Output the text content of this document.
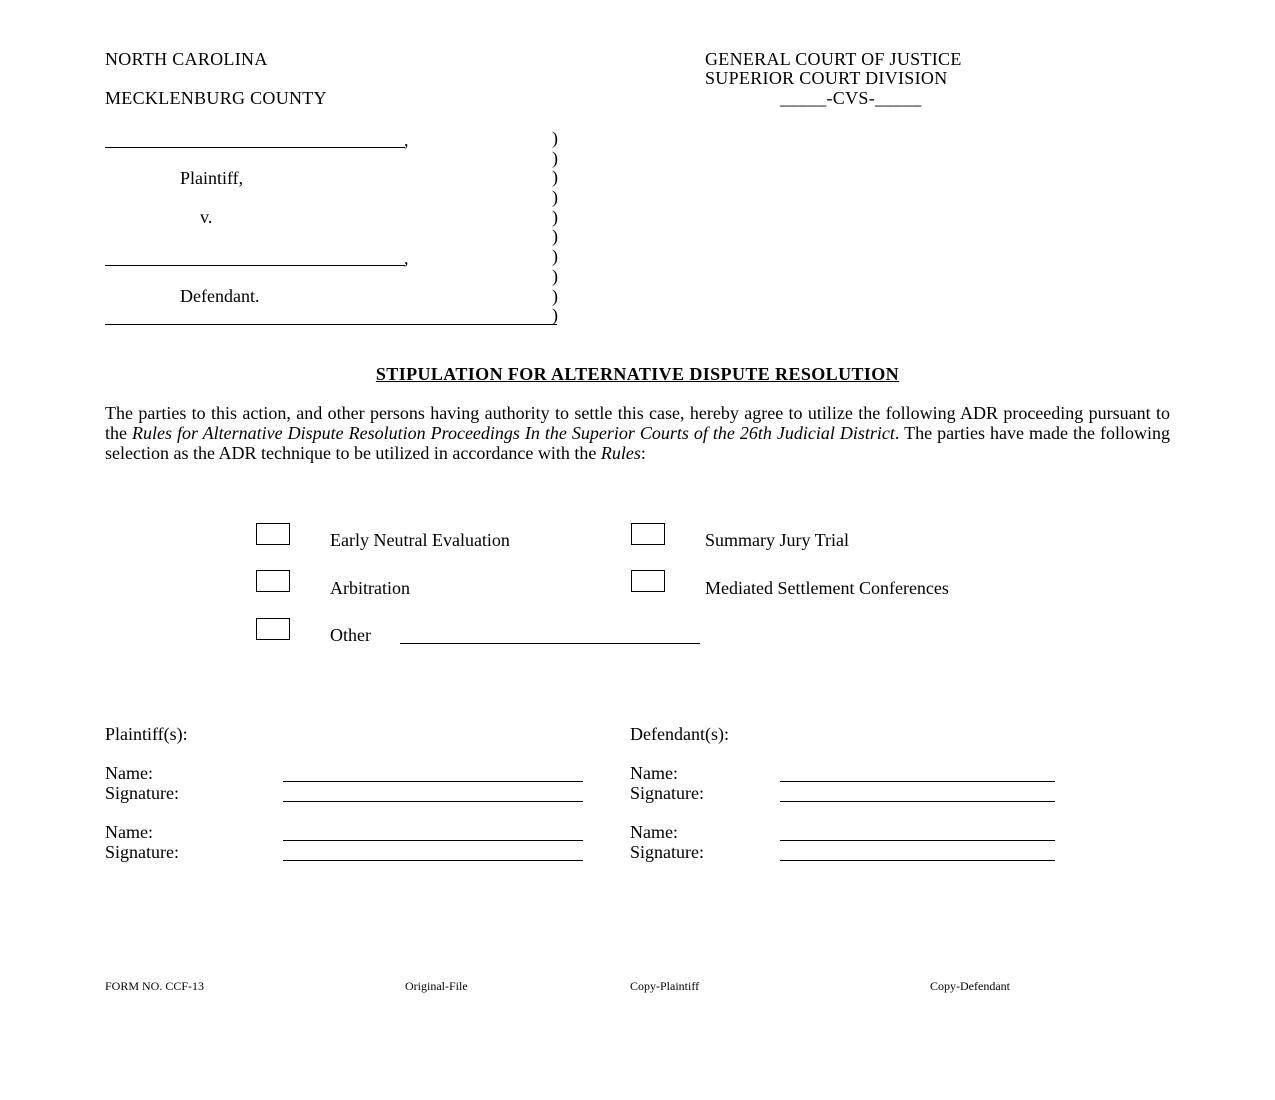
NORTH CAROLINA
MECKLENBURG COUNTY
GENERAL COURT OF JUSTICE
SUPERIOR COURT DIVISION
_____-CVS-_____
,
Plaintiff,
v.
,
Defendant.
)
)
)
)
)
)
)
)
)
)
STIPULATION FOR ALTERNATIVE DISPUTE RESOLUTION
The parties to this action, and other persons having authority to settle this case, hereby agree to utilize the following ADR proceeding pursuant to the Rules for Alternative Dispute Resolution Proceedings In the Superior Courts of the 26th Judicial District. The parties have made the following selection as the ADR technique to be utilized in accordance with the Rules:
Early Neutral Evaluation	Summary Jury Trial
Arbitration	Mediated Settlement Conferences
Other
Plaintiff(s):
Name:
Signature:
Name:
Signature:
Defendant(s):
Name:
Signature:
Name:
Signature:
FORM NO. CCF-13	Original-File	Copy-Plaintiff	Copy-Defendant
